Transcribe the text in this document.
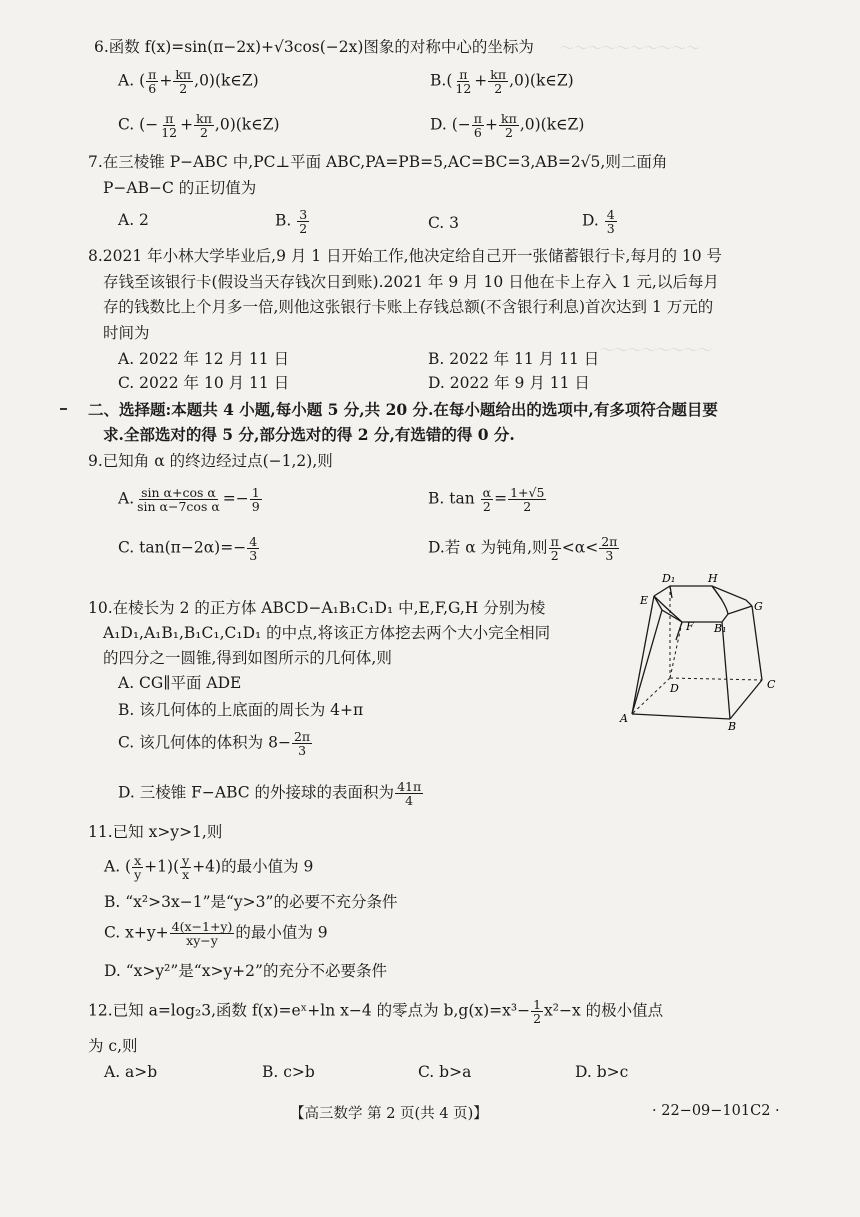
～～～～～～～～～～
～～～～～～～～
6.函数 f(x)=sin(π−2x)+√3cos(−2x)图象的对称中心的坐标为
A. ( $\frac{\pi}{6} + \frac{k\pi}{2}$ ,0)(k∈Z)	$B.( \frac{\pi}{12} + \frac{k\pi}{2}$ ,0)(k∈Z)
C. (− $\frac{\pi}{12} + \frac{k\pi}{2}$ ,0)(k∈Z)	D. (− $\frac{\pi}{6} + \frac{k\pi}{2}$ ,0)(k∈Z)
7.在三棱锥 P−ABC 中,PC⊥平面 ABC,PA=PB=5,AC=BC=3,AB=2√5,则二面角
P−AB−C 的正切值为
A. 2	B. $\frac{3}{2}$	C. 3	D. $\frac{4}{3}$
8.2021 年小林大学毕业后,9 月 1 日开始工作,他决定给自己开一张储蓄银行卡,每月的 10 号
存钱至该银行卡(假设当天存钱次日到账).2021 年 9 月 10 日他在卡上存入 1 元,以后每月
存的钱数比上个月多一倍,则他这张银行卡账上存钱总额(不含银行利息)首次达到 1 万元的
时间为
A. 2022 年 12 月 11 日	B. 2022 年 11 月 11 日
C. 2022 年 10 月 11 日	D. 2022 年 9 月 11 日
二、选择题:本题共 4 小题,每小题 5 分,共 20 分.在每小题给出的选项中,有多项符合题目要
求.全部选对的得 5 分,部分选对的得 2 分,有选错的得 0 分.
9.已知角 α 的终边经过点(−1,2),则
A. $\frac{\text{sin α+cos α}}{\text{sin α−7cos α}} =- \frac{1}{9}$	B. $\tan \frac{\alpha}{2} = \frac{1+√5}{2}$
C. $\tan(\pi-2\alpha)=- \frac{4}{3}$	D.若 α 为钝角,则 $\frac{\pi}{2} <\alpha< \frac{2\pi}{3}$
10.在棱长为 2 的正方体 ABCD−A₁B₁C₁D₁ 中,E,F,G,H 分别为棱
A₁D₁,A₁B₁,B₁C₁,C₁D₁ 的中点,将该正方体挖去两个大小完全相同
的四分之一圆锥,得到如图所示的几何体,则
A. CG∥平面 ADE
B. 该几何体的上底面的周长为 4+π
C. 该几何体的体积为 $8- \frac{2\pi}{3}$
D. 三棱锥 F−ABC 的外接球的表面积为 $\frac{41\pi}{4}$
D₁	H
E	G
F B₁
D	C
A
B
11.已知 x>y>1,则
A. ( $\frac{x}{y} +1)( \frac{y}{x} +4)$的最小值为 9
B. “x²>3x−1”是“y>3”的必要不充分条件
C. $x+y+ \frac{4(x-1+y)}{xy-y}$ 的最小值为 9
D. “x>y²”是“x>y+2”的充分不必要条件
12.已知 a=log₂3,函数 f(x)=eˣ+ln x−4 的零点为 $b,g(x)=x^3- \frac{1}{2} x^2-x$ 的极小值点
为 c,则
A. a>b	B. c>b	C. b>a	D. b>c
【高三数学 第 2 页(共 4 页)】	· 22−09−101C2 ·
